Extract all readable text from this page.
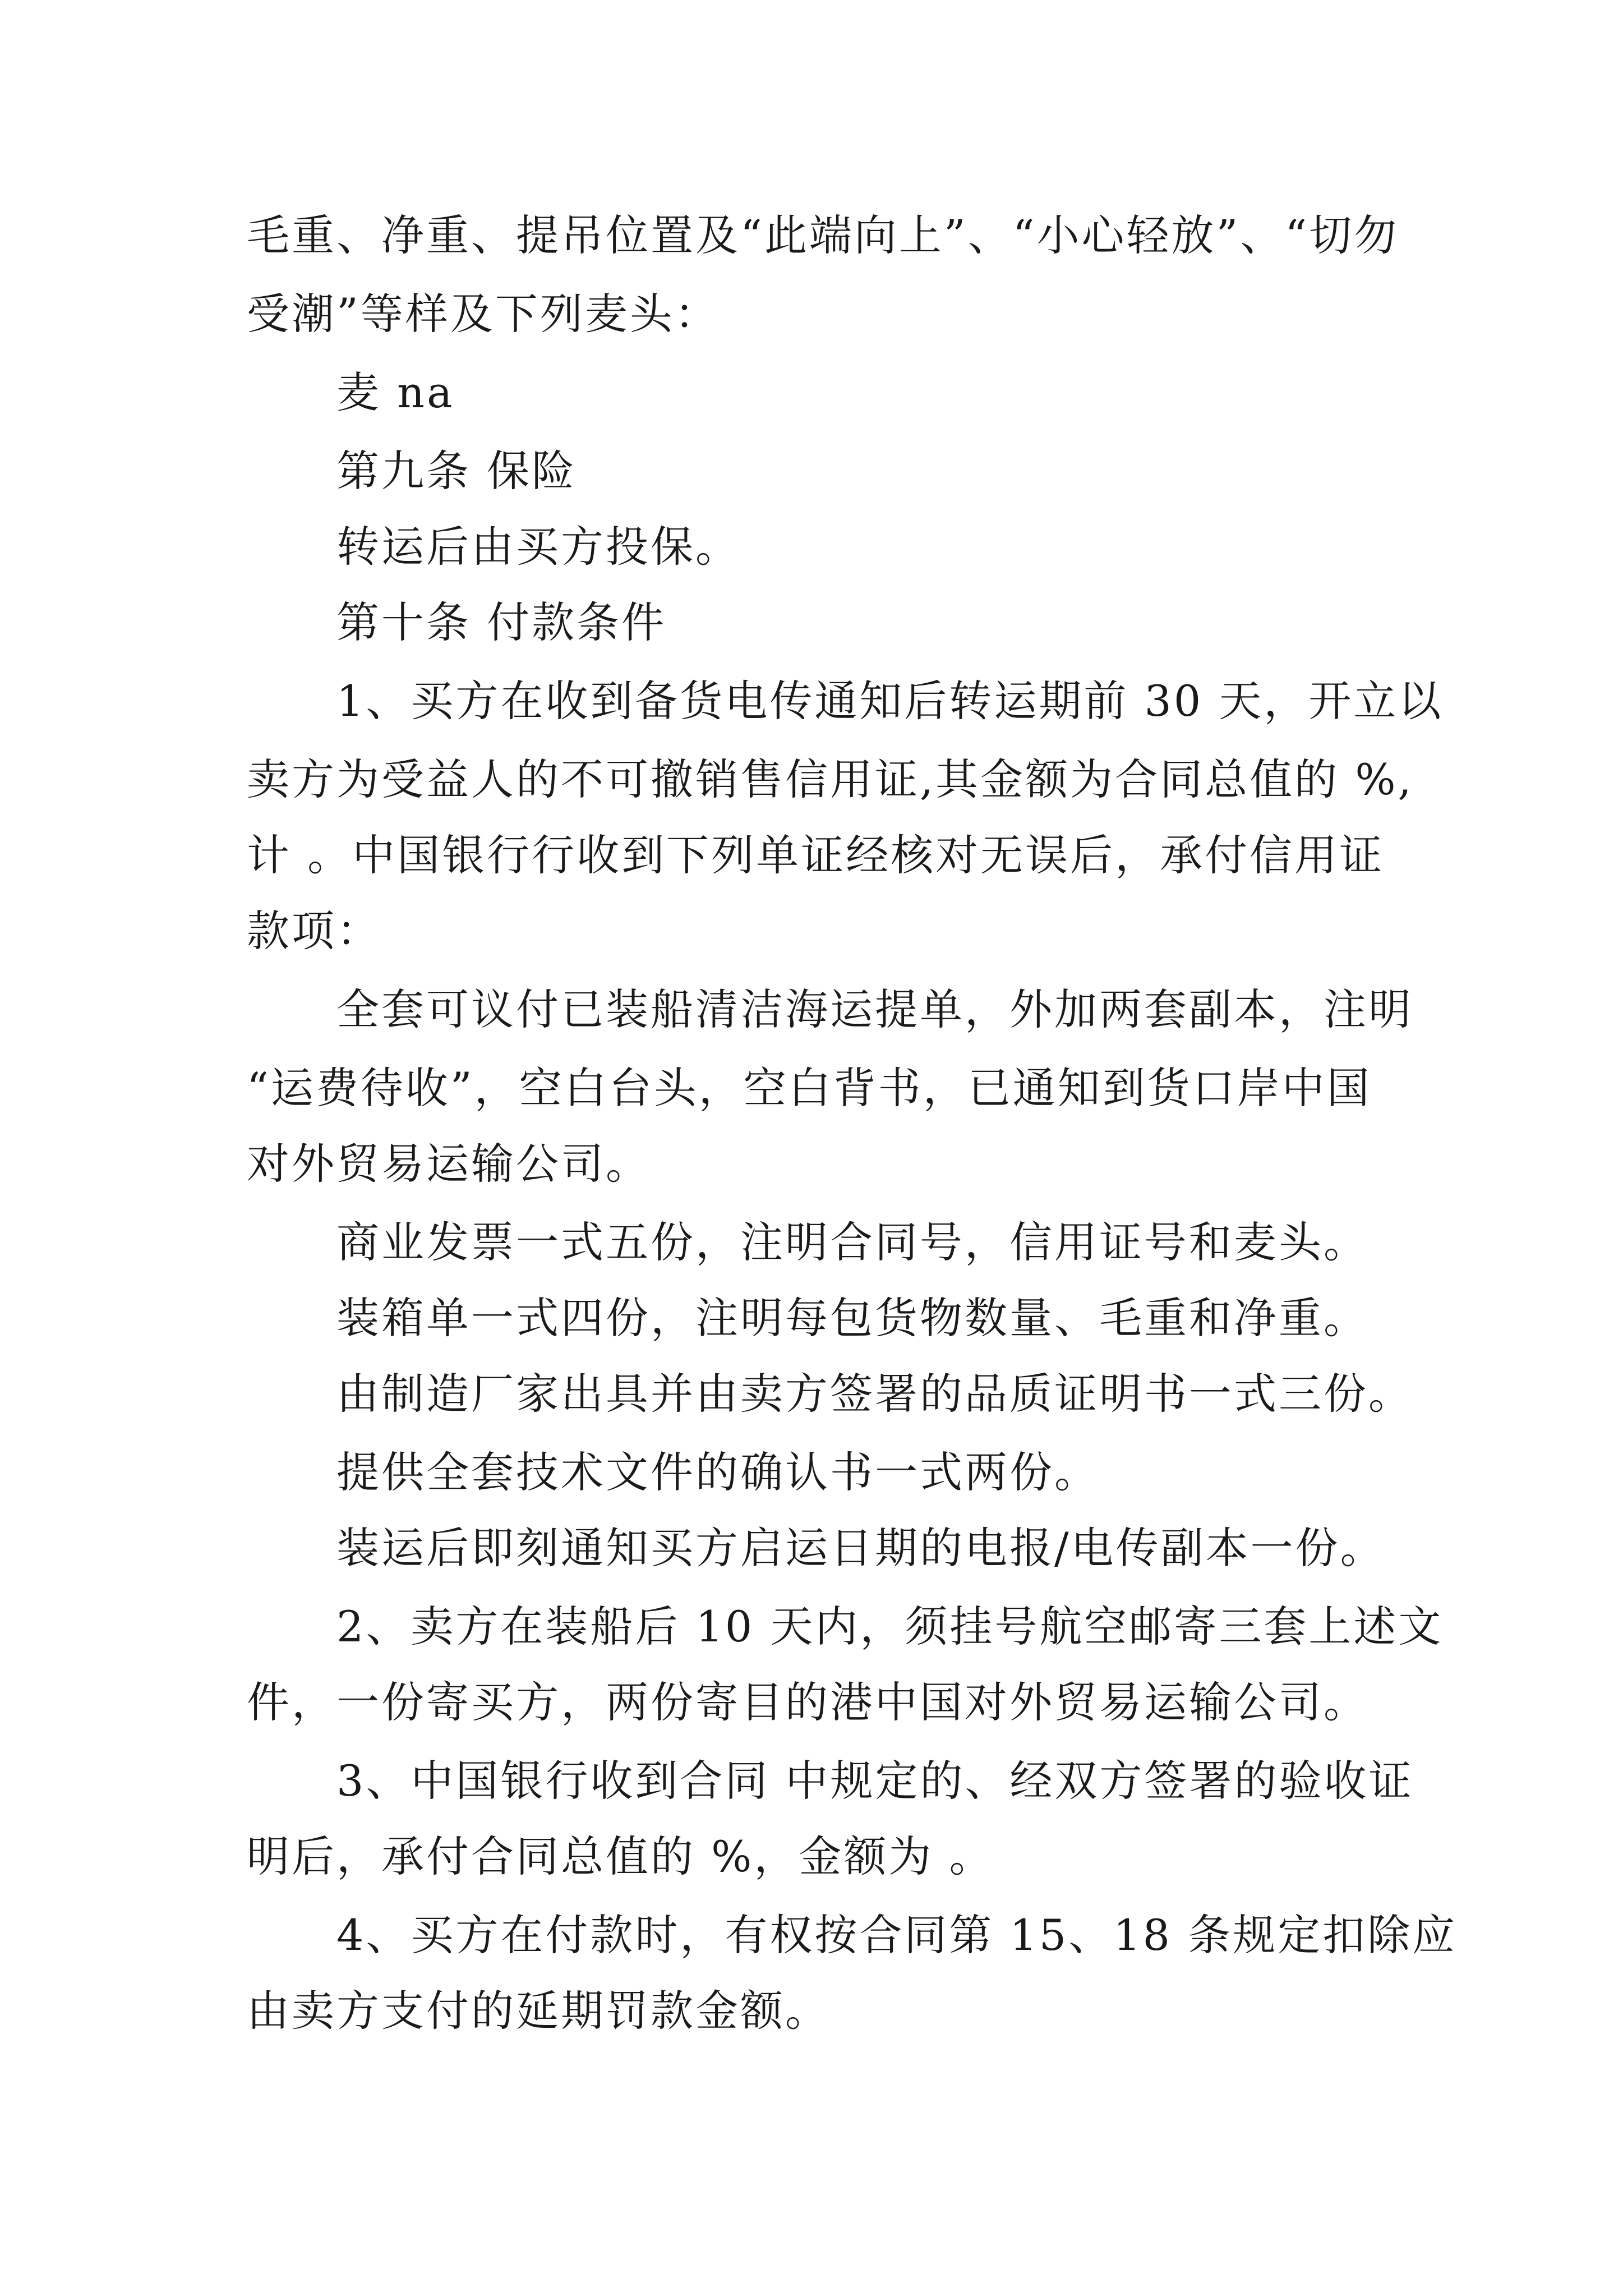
毛重、净重、提吊位置及“此端向上”、“小心轻放”、“切勿
受潮”等样及下列麦头：
麦 na
第九条 保险
转运后由买方投保。
第十条 付款条件
1、买方在收到备货电传通知后转运期前 30 天，开立以
卖方为受益人的不可撤销售信用证,其金额为合同总值的 %,
计 。中国银行行收到下列单证经核对无误后，承付信用证
款项：
全套可议付已装船清洁海运提单，外加两套副本，注明
“运费待收”，空白台头，空白背书，已通知到货口岸中国
对外贸易运输公司。
商业发票一式五份，注明合同号，信用证号和麦头。
装箱单一式四份，注明每包货物数量、毛重和净重。
由制造厂家出具并由卖方签署的品质证明书一式三份。
提供全套技术文件的确认书一式两份。
装运后即刻通知买方启运日期的电报/电传副本一份。
2、卖方在装船后 10 天内，须挂号航空邮寄三套上述文
件，一份寄买方，两份寄目的港中国对外贸易运输公司。
3、中国银行收到合同 中规定的、经双方签署的验收证
明后，承付合同总值的 %，金额为 。
4、买方在付款时，有权按合同第 15、18 条规定扣除应
由卖方支付的延期罚款金额。
